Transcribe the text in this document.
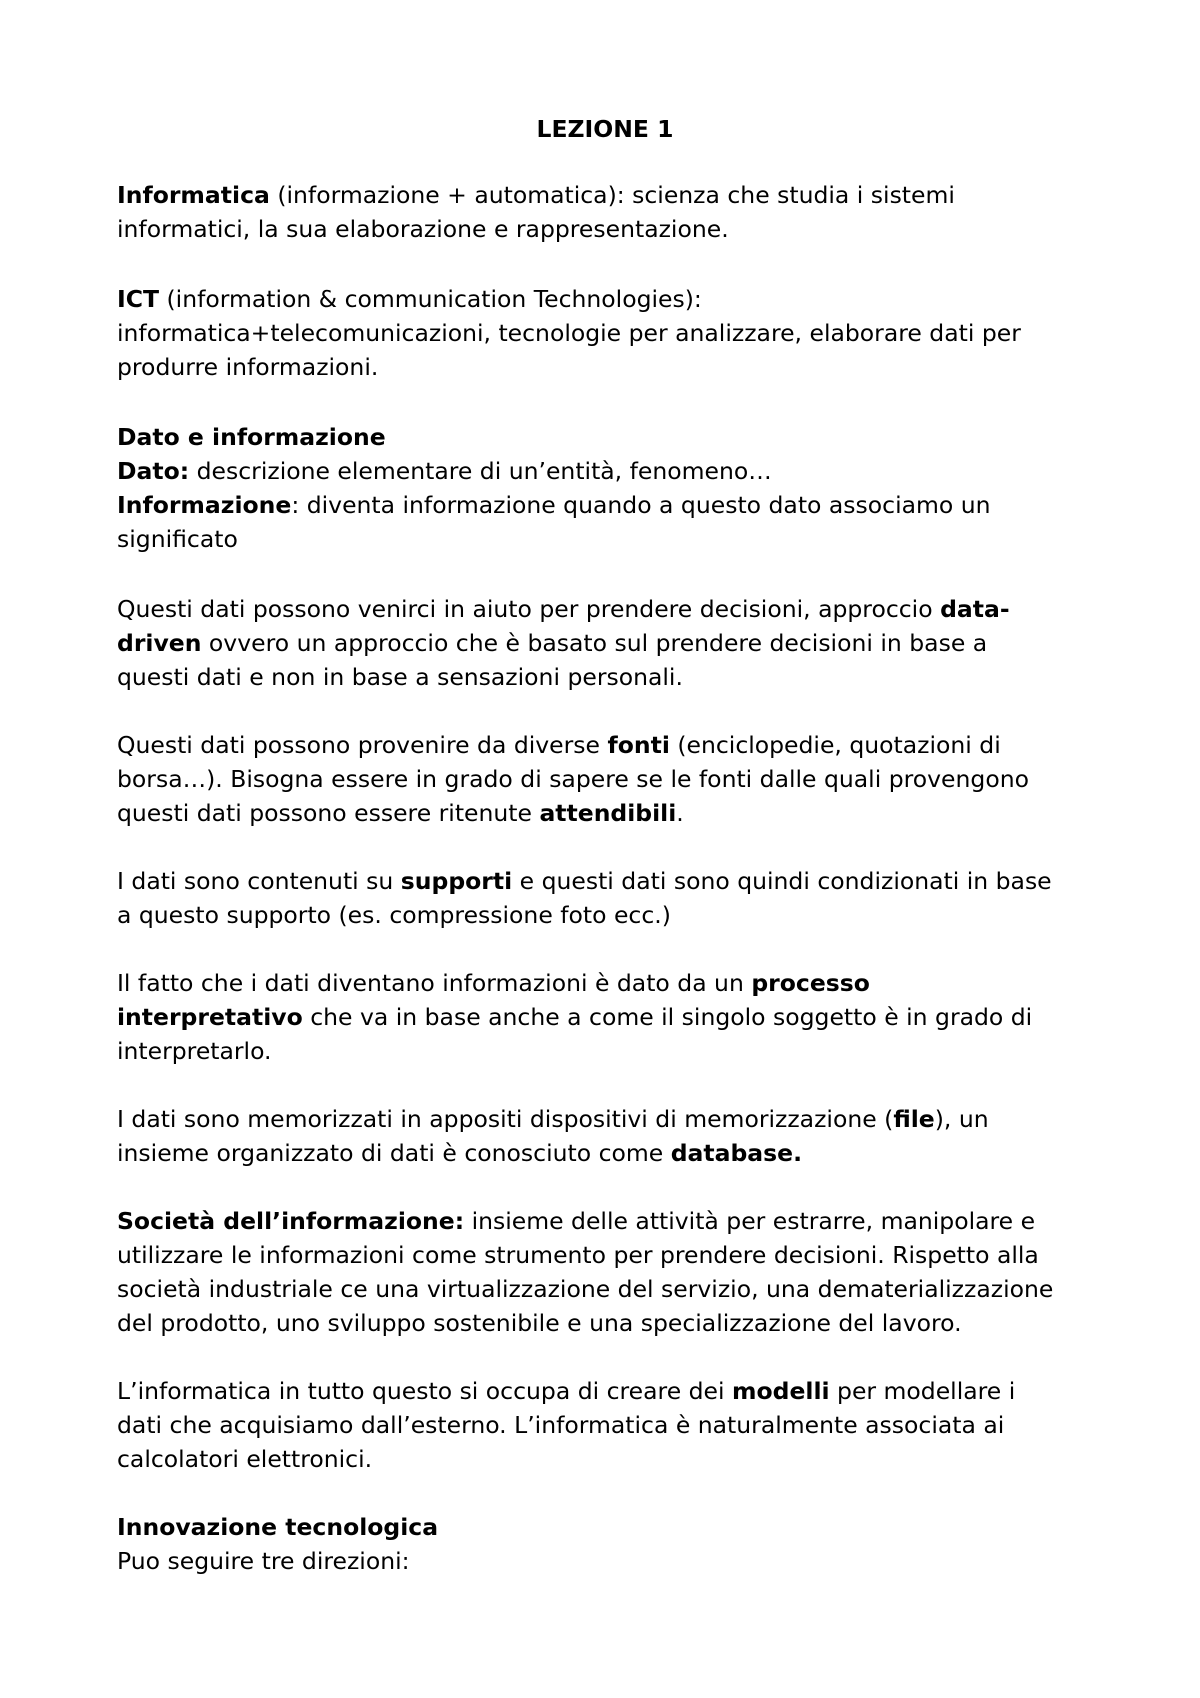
LEZIONE 1

Informatica (informazione + automatica): scienza che studia i sistemi
informatici, la sua elaborazione e rappresentazione.

ICT (information & communication Technologies):
informatica+telecomunicazioni, tecnologie per analizzare, elaborare dati per
produrre informazioni.

Dato e informazione
Dato: descrizione elementare di un’entità, fenomeno…
Informazione: diventa informazione quando a questo dato associamo un
significato

Questi dati possono venirci in aiuto per prendere decisioni, approccio data-
driven ovvero un approccio che è basato sul prendere decisioni in base a
questi dati e non in base a sensazioni personali.

Questi dati possono provenire da diverse fonti (enciclopedie, quotazioni di
borsa…). Bisogna essere in grado di sapere se le fonti dalle quali provengono
questi dati possono essere ritenute attendibili.

I dati sono contenuti su supporti e questi dati sono quindi condizionati in base
a questo supporto (es. compressione foto ecc.)

Il fatto che i dati diventano informazioni è dato da un processo
interpretativo che va in base anche a come il singolo soggetto è in grado di
interpretarlo.

I dati sono memorizzati in appositi dispositivi di memorizzazione (file), un
insieme organizzato di dati è conosciuto come database.

Società dell’informazione: insieme delle attività per estrarre, manipolare e
utilizzare le informazioni come strumento per prendere decisioni. Rispetto alla
società industriale ce una virtualizzazione del servizio, una dematerializzazione
del prodotto, uno sviluppo sostenibile e una specializzazione del lavoro.

L’informatica in tutto questo si occupa di creare dei modelli per modellare i
dati che acquisiamo dall’esterno. L’informatica è naturalmente associata ai
calcolatori elettronici.

Innovazione tecnologica
Puo seguire tre direzioni:
